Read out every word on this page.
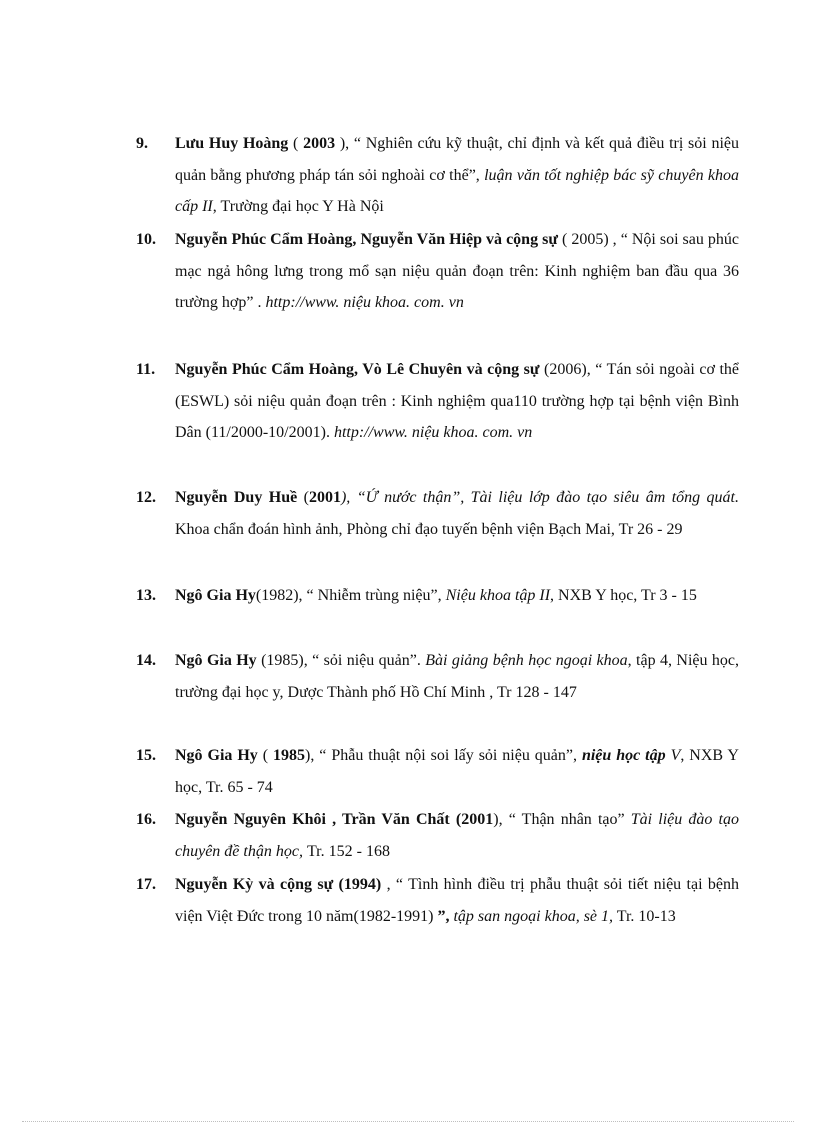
9.	Lưu Huy Hoàng ( 2003 ), “ Nghiên cứu kỹ thuật, chỉ định và kết quả điều trị sỏi niệu quản bằng phương pháp tán sỏi nghoài cơ thể”, luận văn tốt nghiệp bác sỹ chuyên khoa cấp II, Trường đại học Y Hà Nội
10.	Nguyễn Phúc Cẩm Hoàng, Nguyễn Văn Hiệp và cộng sự ( 2005) , “ Nội soi sau phúc mạc ngả hông lưng trong mổ sạn niệu quản đoạn trên: Kinh nghiệm ban đầu qua 36 trường hợp” . http://www. niệu khoa. com. vn
11.	Nguyễn Phúc Cẩm Hoàng, Vò Lê Chuyên và cộng sự (2006), “ Tán sỏi ngoài cơ thể (ESWL) sỏi niệu quản đoạn trên : Kinh nghiệm qua110 trường hợp tại bệnh viện Bình Dân (11/2000-10/2001). http://www. niệu khoa. com. vn
12.	Nguyễn Duy Huề (2001), “Ứ nước thận”, Tài liệu lớp đào tạo siêu âm tổng quát. Khoa chẩn đoán hình ảnh, Phòng chỉ đạo tuyến bệnh viện Bạch Mai, Tr 26 - 29
13.	Ngô Gia Hy(1982), “ Nhiễm trùng niệu”, Niệu khoa tập II, NXB Y học, Tr 3 - 15
14.	Ngô Gia Hy (1985), “ sỏi niệu quản”. Bài giảng bệnh học ngoại khoa, tập 4, Niệu học, trường đại học y, Dược Thành phố Hồ Chí Minh , Tr 128 - 147
15.	Ngô Gia Hy ( 1985), “ Phẫu thuật nội soi lấy sỏi niệu quản”, niệu học tập V, NXB Y học, Tr. 65 - 74
16.	Nguyễn Nguyên Khôi , Trần Văn Chất (2001), “ Thận nhân tạo” Tài liệu đào tạo chuyên đề thận học, Tr. 152 - 168
17.	Nguyễn Kỳ và cộng sự (1994) , “ Tình hình điều trị phẫu thuật sỏi tiết niệu tại bệnh viện Việt Đức trong 10 năm(1982-1991) ”, tập san ngoại khoa, sè 1, Tr. 10-13
